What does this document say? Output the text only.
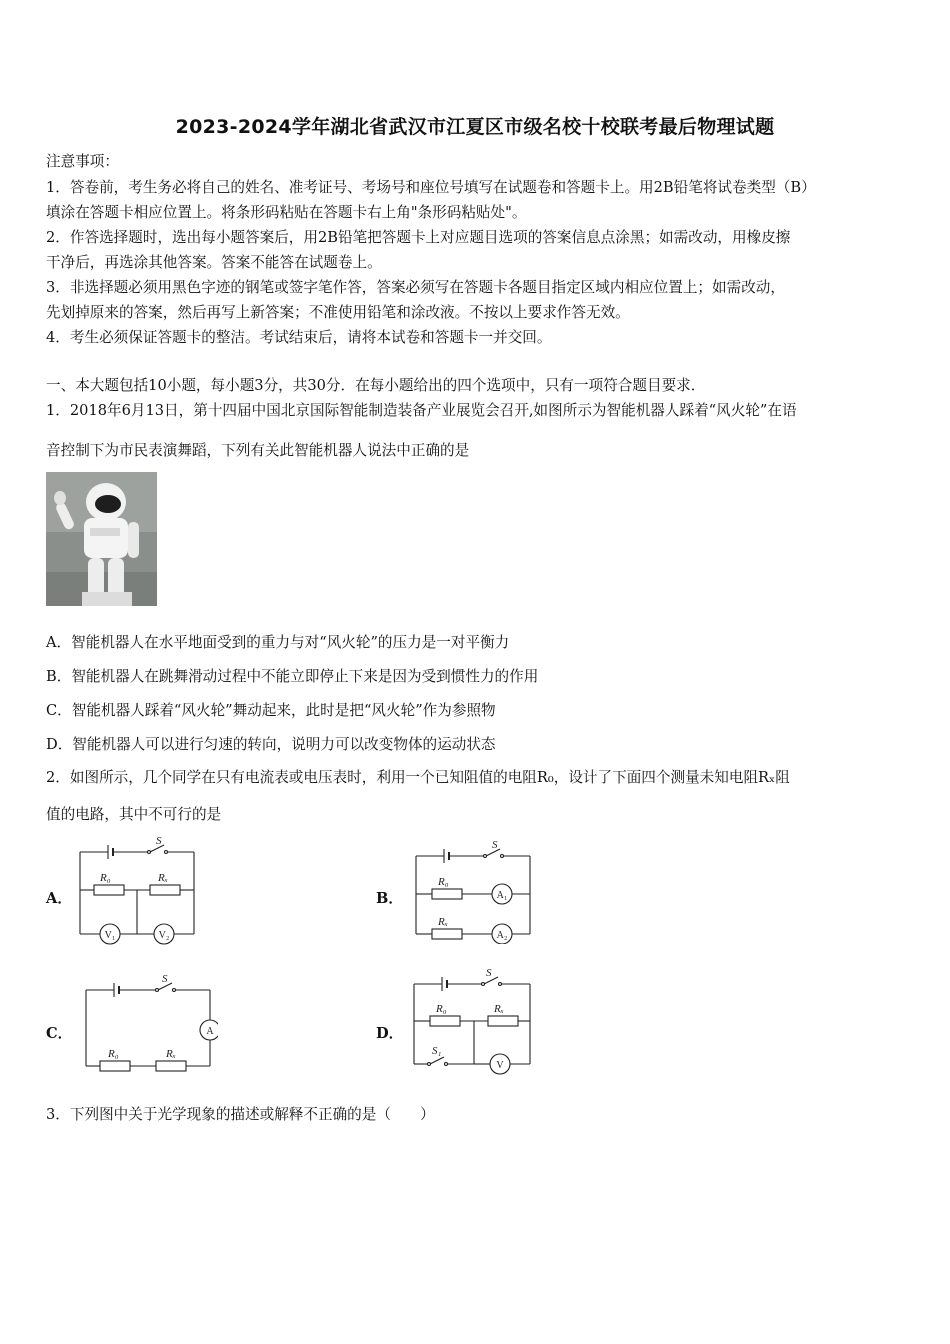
2023-2024学年湖北省武汉市江夏区市级名校十校联考最后物理试题
注意事项：
1．答卷前，考生务必将自己的姓名、准考证号、考场号和座位号填写在试题卷和答题卡上。用2B铅笔将试卷类型（B）
填涂在答题卡相应位置上。将条形码粘贴在答题卡右上角"条形码粘贴处"。
2．作答选择题时，选出每小题答案后，用2B铅笔把答题卡上对应题目选项的答案信息点涂黑；如需改动，用橡皮擦
干净后，再选涂其他答案。答案不能答在试题卷上。
3．非选择题必须用黑色字迹的钢笔或签字笔作答，答案必须写在答题卡各题目指定区域内相应位置上；如需改动，
先划掉原来的答案，然后再写上新答案；不准使用铅笔和涂改液。不按以上要求作答无效。
4．考生必须保证答题卡的整洁。考试结束后，请将本试卷和答题卡一并交回。
一、本大题包括10小题，每小题3分，共30分．在每小题给出的四个选项中，只有一项符合题目要求．
1．2018年6月13日，第十四届中国北京国际智能制造装备产业展览会召开,如图所示为智能机器人踩着“风火轮”在语
音控制下为市民表演舞蹈，下列有关此智能机器人说法中正确的是
A．智能机器人在水平地面受到的重力与对“风火轮”的压力是一对平衡力
B．智能机器人在跳舞滑动过程中不能立即停止下来是因为受到惯性力的作用
C．智能机器人踩着“风火轮”舞动起来，此时是把“风火轮”作为参照物
D．智能机器人可以进行匀速的转向，说明力可以改变物体的运动状态
2．如图所示，几个同学在只有电流表或电压表时，利用一个已知阻值的电阻R₀，设计了下面四个测量未知电阻Rₓ阻
值的电路，其中不可行的是
A．
S
R₀	Rₓ
V₁	V₂
B．
S
R₀
Rₓ
A₁
A₂
C．
S
R₀	Rₓ
A	D．
S
R₀	Rₓ
S₁
V
3．下列图中关于光学现象的描述或解释不正确的是（　　）
